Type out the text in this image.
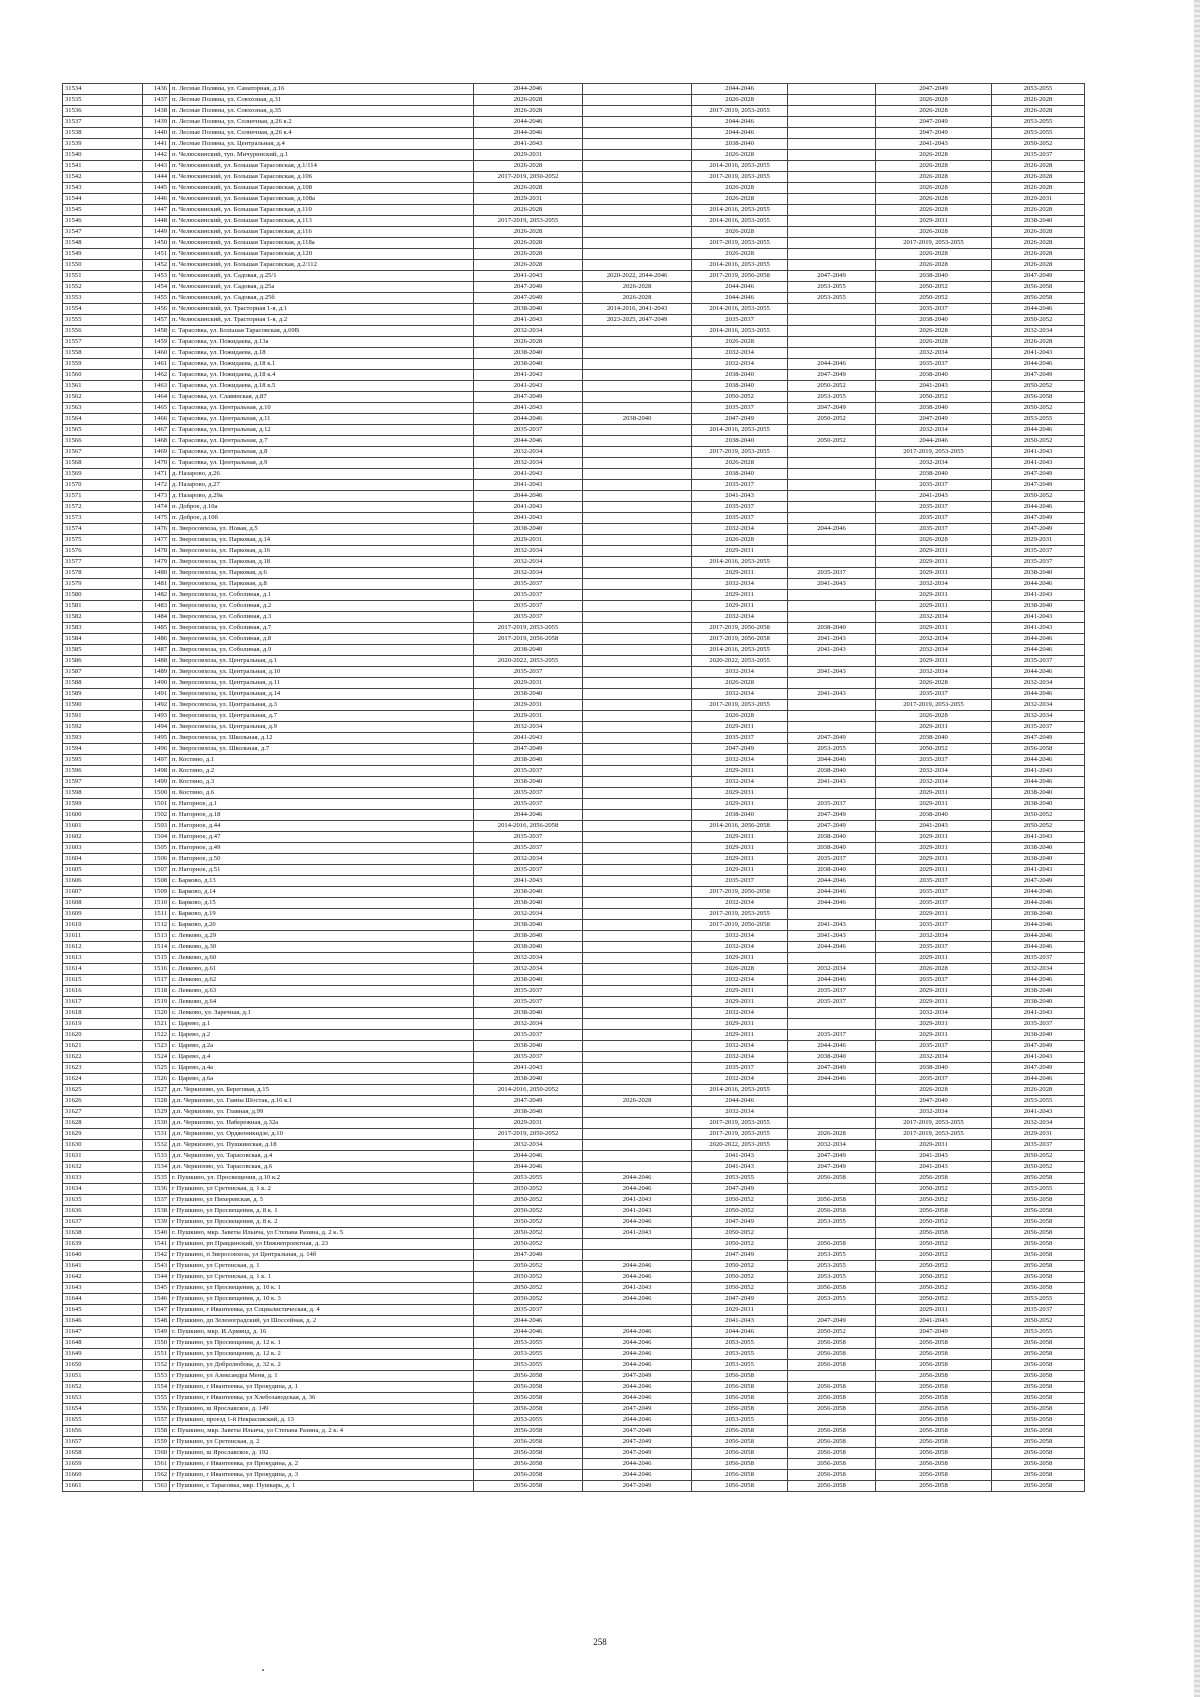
31534	1436	п. Лесные Поляны, ул. Санаторная, д.16	2044-2046		2044-2046		2047-2049	2053-2055
31535	1437	п. Лесные Поляны, ул. Совхозная, д.31	2026-2028		2026-2028		2026-2028	2026-2028
31536	1438	п. Лесные Поляны, ул. Совхозная, д.35	2026-2028		2017-2019, 2053-2055		2026-2028	2026-2028
31537	1439	п. Лесные Поляны, ул. Солнечная, д.26 к.2	2044-2046		2044-2046		2047-2049	2053-2055
31538	1440	п. Лесные Поляны, ул. Солнечная, д.26 к.4	2044-2046		2044-2046		2047-2049	2053-2055
31539	1441	п. Лесные Поляны, ул. Центральная, д.4	2041-2043		2038-2040		2041-2043	2050-2052
31540	1442	п. Челюскинский, туп. Мичуринский, д.1	2029-2031		2026-2028		2026-2028	2035-2037
31541	1443	п. Челюскинский, ул. Большая Тарасовская, д.1/114	2026-2028		2014-2016, 2053-2055		2026-2028	2026-2028
31542	1444	п. Челюскинский, ул. Большая Тарасовская, д.106	2017-2019, 2050-2052		2017-2019, 2053-2055		2026-2028	2026-2028
31543	1445	п. Челюскинский, ул. Большая Тарасовская, д.108	2026-2028		2026-2028		2026-2028	2026-2028
31544	1446	п. Челюскинский, ул. Большая Тарасовская, д.108а	2029-2031		2026-2028		2026-2028	2029-2031
31545	1447	п. Челюскинский, ул. Большая Тарасовская, д.110	2026-2028		2014-2016, 2053-2055		2026-2028	2026-2028
31546	1448	п. Челюскинский, ул. Большая Тарасовская, д.113	2017-2019, 2053-2055		2014-2016, 2053-2055		2029-2031	2038-2040
31547	1449	п. Челюскинский, ул. Большая Тарасовская, д.116	2026-2028		2026-2028		2026-2028	2026-2028
31548	1450	п. Челюскинский, ул. Большая Тарасовская, д.118а	2026-2028		2017-2019, 2053-2055		2017-2019, 2053-2055	2026-2028
31549	1451	п. Челюскинский, ул. Большая Тарасовская, д.120	2026-2028		2026-2028		2026-2028	2026-2028
31550	1452	п. Челюскинский, ул. Большая Тарасовская, д.2/112	2026-2028		2014-2016, 2053-2055		2026-2028	2026-2028
31551	1453	п. Челюскинский, ул. Садовая, д.25/1	2041-2043	2020-2022, 2044-2046	2017-2019, 2056-2058	2047-2049	2038-2040	2047-2049
31552	1454	п. Челюскинский, ул. Садовая, д.25а	2047-2049	2026-2028	2044-2046	2053-2055	2050-2052	2056-2058
31553	1455	п. Челюскинский, ул. Садовая, д.25б	2047-2049	2026-2028	2044-2046	2053-2055	2050-2052	2056-2058
31554	1456	п. Челюскинский, ул. Трасторная 1-я, д.1	2038-2040	2014-2016, 2041-2043	2014-2016, 2053-2055		2035-2037	2044-2046
31555	1457	п. Челюскинский, ул. Трасторная 1-я, д.2	2041-2043	2023-2025, 2047-2049	2035-2037		2038-2040	2050-2052
31556	1458	с. Тарасовка, ул. Большая Тарасовская, д.69В	2032-2034		2014-2016, 2053-2055		2026-2028	2032-2034
31557	1459	с. Тарасовка, ул. Пожидаева, д.13а	2026-2028		2026-2028		2026-2028	2026-2028
31558	1460	с. Тарасовка, ул. Пожидаева, д.18	2038-2040		2032-2034		2032-2034	2041-2043
31559	1461	с. Тарасовка, ул. Пожидаева, д.18 к.1	2038-2040		2032-2034	2044-2046	2035-2037	2044-2046
31560	1462	с. Тарасовка, ул. Пожидаева, д.18 к.4	2041-2043		2038-2040	2047-2049	2038-2040	2047-2049
31561	1463	с. Тарасовка, ул. Пожидаева, д.18 к.5	2041-2043		2038-2040	2050-2052	2041-2043	2050-2052
31562	1464	с. Тарасовка, ул. Славянская, д.87	2047-2049		2050-2052	2053-2055	2050-2052	2056-2058
31563	1465	с. Тарасовка, ул. Центральная, д.10	2041-2043		2035-2037	2047-2049	2038-2040	2050-2052
31564	1466	с. Тарасовка, ул. Центральная, д.11	2044-2046	2038-2040	2047-2049	2050-2052	2047-2049	2053-2055
31565	1467	с. Тарасовка, ул. Центральная, д.12	2035-2037		2014-2016, 2053-2055		2032-2034	2044-2046
31566	1468	с. Тарасовка, ул. Центральная, д.7	2044-2046		2038-2040	2050-2052	2044-2046	2050-2052
31567	1469	с. Тарасовка, ул. Центральная, д.8	2032-2034		2017-2019, 2053-2055		2017-2019, 2053-2055	2041-2043
31568	1470	с. Тарасовка, ул. Центральная, д.9	2032-2034		2026-2028		2032-2034	2041-2043
31569	1471	д. Назарово, д.26	2041-2043		2038-2040		2038-2040	2047-2049
31570	1472	д. Назарово, д.27	2041-2043		2035-2037		2035-2037	2047-2049
31571	1473	д. Назарово, д.29а	2044-2046		2041-2043		2041-2043	2050-2052
31572	1474	п. Доброе, д.10а	2041-2043		2035-2037		2035-2037	2044-2046
31573	1475	п. Доброе, д.10б	2041-2043		2035-2037		2035-2037	2047-2049
31574	1476	п. Зверосовхоза, ул. Новая, д.5	2038-2040		2032-2034	2044-2046	2035-2037	2047-2049
31575	1477	п. Зверосовхоза, ул. Парковая, д.14	2029-2031		2026-2028		2026-2028	2029-2031
31576	1478	п. Зверосовхоза, ул. Парковая, д.16	2032-2034		2029-2031		2029-2031	2035-2037
31577	1479	п. Зверосовхоза, ул. Парковая, д.18	2032-2034		2014-2016, 2053-2055		2029-2031	2035-2037
31578	1480	п. Зверосовхоза, ул. Парковая, д.6	2032-2034		2029-2031	2035-2037	2029-2031	2038-2040
31579	1481	п. Зверосовхоза, ул. Парковая, д.8	2035-2037		2032-2034	2041-2043	2032-2034	2044-2046
31580	1482	п. Зверосовхоза, ул. Соболиная, д.1	2035-2037		2029-2031		2029-2031	2041-2043
31581	1483	п. Зверосовхоза, ул. Соболиная, д.2	2035-2037		2029-2031		2029-2031	2038-2040
31582	1484	п. Зверосовхоза, ул. Соболиная, д.3	2035-2037		2032-2034		2032-2034	2041-2043
31583	1485	п. Зверосовхоза, ул. Соболиная, д.7	2017-2019, 2053-2055		2017-2019, 2056-2058	2038-2040	2029-2031	2041-2043
31584	1486	п. Зверосовхоза, ул. Соболиная, д.8	2017-2019, 2056-2058		2017-2019, 2056-2058	2041-2043	2032-2034	2044-2046
31585	1487	п. Зверосовхоза, ул. Соболиная, д.9	2038-2040		2014-2016, 2053-2055	2041-2043	2032-2034	2044-2046
31586	1488	п. Зверосовхоза, ул. Центральная, д.1	2020-2022, 2053-2055		2020-2022, 2053-2055		2029-2031	2035-2037
31587	1489	п. Зверосовхоза, ул. Центральная, д.10	2035-2037		2032-2034	2041-2043	2032-2034	2044-2046
31588	1490	п. Зверосовхоза, ул. Центральная, д.11	2029-2031		2026-2028		2026-2028	2032-2034
31589	1491	п. Зверосовхоза, ул. Центральная, д.14	2038-2040		2032-2034	2041-2043	2035-2037	2044-2046
31590	1492	п. Зверосовхоза, ул. Центральная, д.3	2029-2031		2017-2019, 2053-2055		2017-2019, 2053-2055	2032-2034
31591	1493	п. Зверосовхоза, ул. Центральная, д.7	2029-2031		2026-2028		2026-2028	2032-2034
31592	1494	п. Зверосовхоза, ул. Центральная, д.9	2032-2034		2029-2031		2029-2031	2035-2037
31593	1495	п. Зверосовхоза, ул. Школьная, д.12	2041-2043		2035-2037	2047-2049	2038-2040	2047-2049
31594	1496	п. Зверосовхоза, ул. Школьная, д.7	2047-2049		2047-2049	2053-2055	2050-2052	2056-2058
31595	1497	п. Костино, д.1	2038-2040		2032-2034	2044-2046	2035-2037	2044-2046
31596	1498	п. Костино, д.2	2035-2037		2029-2031	2038-2040	2032-2034	2041-2043
31597	1499	п. Костино, д.3	2038-2040		2032-2034	2041-2043	2032-2034	2044-2046
31598	1500	п. Костино, д.6	2035-2037		2029-2031		2029-2031	2038-2040
31599	1501	п. Нагорное, д.1	2035-2037		2029-2031	2035-2037	2029-2031	2038-2040
31600	1502	п. Нагорное, д.18	2044-2046		2038-2040	2047-2049	2038-2040	2050-2052
31601	1503	п. Нагорное, д.44	2014-2016, 2056-2058		2014-2016, 2056-2058	2047-2049	2041-2043	2050-2052
31602	1504	п. Нагорное, д.47	2035-2037		2029-2031	2038-2040	2029-2031	2041-2043
31603	1505	п. Нагорное, д.49	2035-2037		2029-2031	2038-2040	2029-2031	2038-2040
31604	1506	п. Нагорное, д.50	2032-2034		2029-2031	2035-2037	2029-2031	2038-2040
31605	1507	п. Нагорное, д.51	2035-2037		2029-2031	2038-2040	2029-2031	2041-2043
31606	1508	с. Барково, д.13	2041-2043		2035-2037	2044-2046	2035-2037	2047-2049
31607	1509	с. Барково, д.14	2038-2040		2017-2019, 2056-2058	2044-2046	2035-2037	2044-2046
31608	1510	с. Барково, д.15	2038-2040		2032-2034	2044-2046	2035-2037	2044-2046
31609	1511	с. Барково, д.19	2032-2034		2017-2019, 2053-2055		2029-2031	2038-2040
31610	1512	с. Барково, д.20	2038-2040		2017-2019, 2056-2058	2041-2043	2035-2037	2044-2046
31611	1513	с. Левково, д.29	2038-2040		2032-2034	2041-2043	2032-2034	2044-2046
31612	1514	с. Левково, д.30	2038-2040		2032-2034	2044-2046	2035-2037	2044-2046
31613	1515	с. Левково, д.60	2032-2034		2029-2031		2029-2031	2035-2037
31614	1516	с. Левково, д.61	2032-2034		2026-2028	2032-2034	2026-2028	2032-2034
31615	1517	с. Левково, д.62	2038-2040		2032-2034	2044-2046	2035-2037	2044-2046
31616	1518	с. Левково, д.63	2035-2037		2029-2031	2035-2037	2029-2031	2038-2040
31617	1519	с. Левково, д.64	2035-2037		2029-2031	2035-2037	2029-2031	2038-2040
31618	1520	с. Левково, ул. Заречная, д.1	2038-2040		2032-2034		2032-2034	2041-2043
31619	1521	с. Царево, д.1	2032-2034		2029-2031		2029-2031	2035-2037
31620	1522	с. Царево, д.2	2035-2037		2029-2031	2035-2037	2029-2031	2038-2040
31621	1523	с. Царево, д.2а	2038-2040		2032-2034	2044-2046	2035-2037	2047-2049
31622	1524	с. Царево, д.4	2035-2037		2032-2034	2038-2040	2032-2034	2041-2043
31623	1525	с. Царево, д.4а	2041-2043		2035-2037	2047-2049	2038-2040	2047-2049
31624	1526	с. Царево, д.6а	2038-2040		2032-2034	2044-2046	2035-2037	2044-2046
31625	1527	д.п. Черкизово, ул. Береговая, д.15	2014-2016, 2050-2052		2014-2016, 2053-2055		2026-2028	2026-2028
31626	1528	д.п. Черкизово, ул. Гаяны Шостак, д.16 к.1	2047-2049	2026-2028	2044-2046		2047-2049	2053-2055
31627	1529	д.п. Черкизово, ул. Главная, д.99	2038-2040		2032-2034		2032-2034	2041-2043
31628	1530	д.п. Черкизово, ул. Набережная, д.32а	2029-2031		2017-2019, 2053-2055		2017-2019, 2053-2055	2032-2034
31629	1531	д.п. Черкизово, ул. Орджоникидзе, д.10	2017-2019, 2050-2052		2017-2019, 2053-2055	2026-2028	2017-2019, 2053-2055	2029-2031
31630	1532	д.п. Черкизово, ул. Пушкинская, д.18	2032-2034		2020-2022, 2053-2055	2032-2034	2029-2031	2035-2037
31631	1533	д.п. Черкизово, ул. Тарасовская, д.4	2044-2046		2041-2043	2047-2049	2041-2043	2050-2052
31632	1534	д.п. Черкизово, ул. Тарасовская, д.6	2044-2046		2041-2043	2047-2049	2041-2043	2050-2052
31633	1535	г. Пушкино, ул. Просвещения, д.10 к.2	2053-2055	2044-2046	2053-2055	2056-2058	2056-2058	2056-2058
31634	1536	г Пушкино, ул Сретенская, д. 1 к. 2	2050-2052	2044-2046	2047-2049		2050-2052	2053-2055
31635	1537	г Пушкино, ул Пихеревская, д. 5	2050-2052	2041-2043	2050-2052	2056-2058	2050-2052	2056-2058
31636	1538	г Пушкино, ул Просвещения, д. 8 к. 1	2050-2052	2041-2043	2050-2052	2056-2058	2056-2058	2056-2058
31637	1539	г Пушкино, ул Просвещения, д. 8 к. 2	2050-2052	2044-2046	2047-2049	2053-2055	2050-2052	2056-2058
31638	1540	г. Пушкино, мкр. Заветы Ильича, ул Степана Разина, д. 2 к. 5	2050-2052	2041-2043	2050-2052		2056-2058	2056-2058
31639	1541	г Пушкино, рп Правдинский, ул Нижнепроектная, д. 23	2050-2052		2050-2052	2056-2058	2050-2052	2056-2058
31640	1542	г Пушкино, п Зверосовхоза, ул Центральная, д. 14б	2047-2049		2047-2049	2053-2055	2050-2052	2056-2058
31641	1543	г Пушкино, ул Сретенская, д. 1	2050-2052	2044-2046	2050-2052	2053-2055	2050-2052	2056-2058
31642	1544	г Пушкино, ул Сретенская, д. 1 к. 1	2050-2052	2044-2046	2050-2052	2053-2055	2050-2052	2056-2058
31643	1545	г Пушкино, ул Просвещения, д. 10 к. 1	2050-2052	2041-2043	2050-2052	2056-2058	2050-2052	2056-2058
31644	1546	г Пушкино, ул Просвещения, д. 10 к. 3	2050-2052	2044-2046	2047-2049	2053-2055	2050-2052	2053-2055
31645	1547	г Пушкино, г Ивантеевка, ул Социалистическая, д. 4	2035-2037		2029-2031		2029-2031	2035-2037
31646	1548	г Пушкино, дп Зеленоградский, ул Шоссейная, д. 2	2044-2046		2041-2043	2047-2049	2041-2043	2050-2052
31647	1549	г. Пушкино, мкр. И.Армянд, д. 16	2044-2046	2044-2046	2044-2046	2050-2052	2047-2049	2053-2055
31648	1550	г Пушкино, ул Просвещения, д. 12 к. 1	2053-2055	2044-2046	2053-2055	2056-2058	2056-2058	2056-2058
31649	1551	г Пушкино, ул Просвещения, д. 12 к. 2	2053-2055	2044-2046	2053-2055	2056-2058	2056-2058	2056-2058
31650	1552	г Пушкино, ул Добролюбова, д. 32 к. 2	2053-2055	2044-2046	2053-2055	2056-2058	2056-2058	2056-2058
31651	1553	г Пушкино, ул Александра Меня, д. 1	2056-2058	2047-2049	2056-2058		2056-2058	2056-2058
31652	1554	г Пушкино, г Ивантеевка, ул Прокудина, д. 1	2056-2058	2044-2046	2056-2058	2056-2058	2056-2058	2056-2058
31653	1555	г Пушкино, г Ивантеевка, ул Хлебозаводская, д. 36	2056-2058	2044-2046	2056-2058	2056-2058	2056-2058	2056-2058
31654	1556	г Пушкино, ш Ярославское, д. 149	2056-2058	2047-2049	2056-2058	2056-2058	2056-2058	2056-2058
31655	1557	г Пушкино, проезд 1-й Некрасовский, д. 13	2053-2055	2044-2046	2053-2055		2056-2058	2056-2058
31656	1558	г. Пушкино, мкр. Заветы Ильича, ул Степана Разина, д. 2 к. 4	2056-2058	2047-2049	2056-2058	2056-2058	2056-2058	2056-2058
31657	1559	г Пушкино, ул Сретенская, д. 2	2056-2058	2047-2049	2056-2058	2056-2058	2056-2058	2056-2058
31658	1560	г Пушкино, ш Ярославское, д. 192	2056-2058	2047-2049	2056-2058	2056-2058	2056-2058	2056-2058
31659	1561	г Пушкино, г Ивантеевка, ул Прокудина, д. 2	2056-2058	2044-2046	2056-2058	2056-2058	2056-2058	2056-2058
31660	1562	г Пушкино, г Ивантеевка, ул Прокудина, д. 3	2056-2058	2044-2046	2056-2058	2056-2058	2056-2058	2056-2058
31661	1563	г Пушкино, с Тарасовка, мкр. Пушкарь, д. 1	2056-2058	2047-2049	2056-2058	2056-2058	2056-2058	2056-2058
258
